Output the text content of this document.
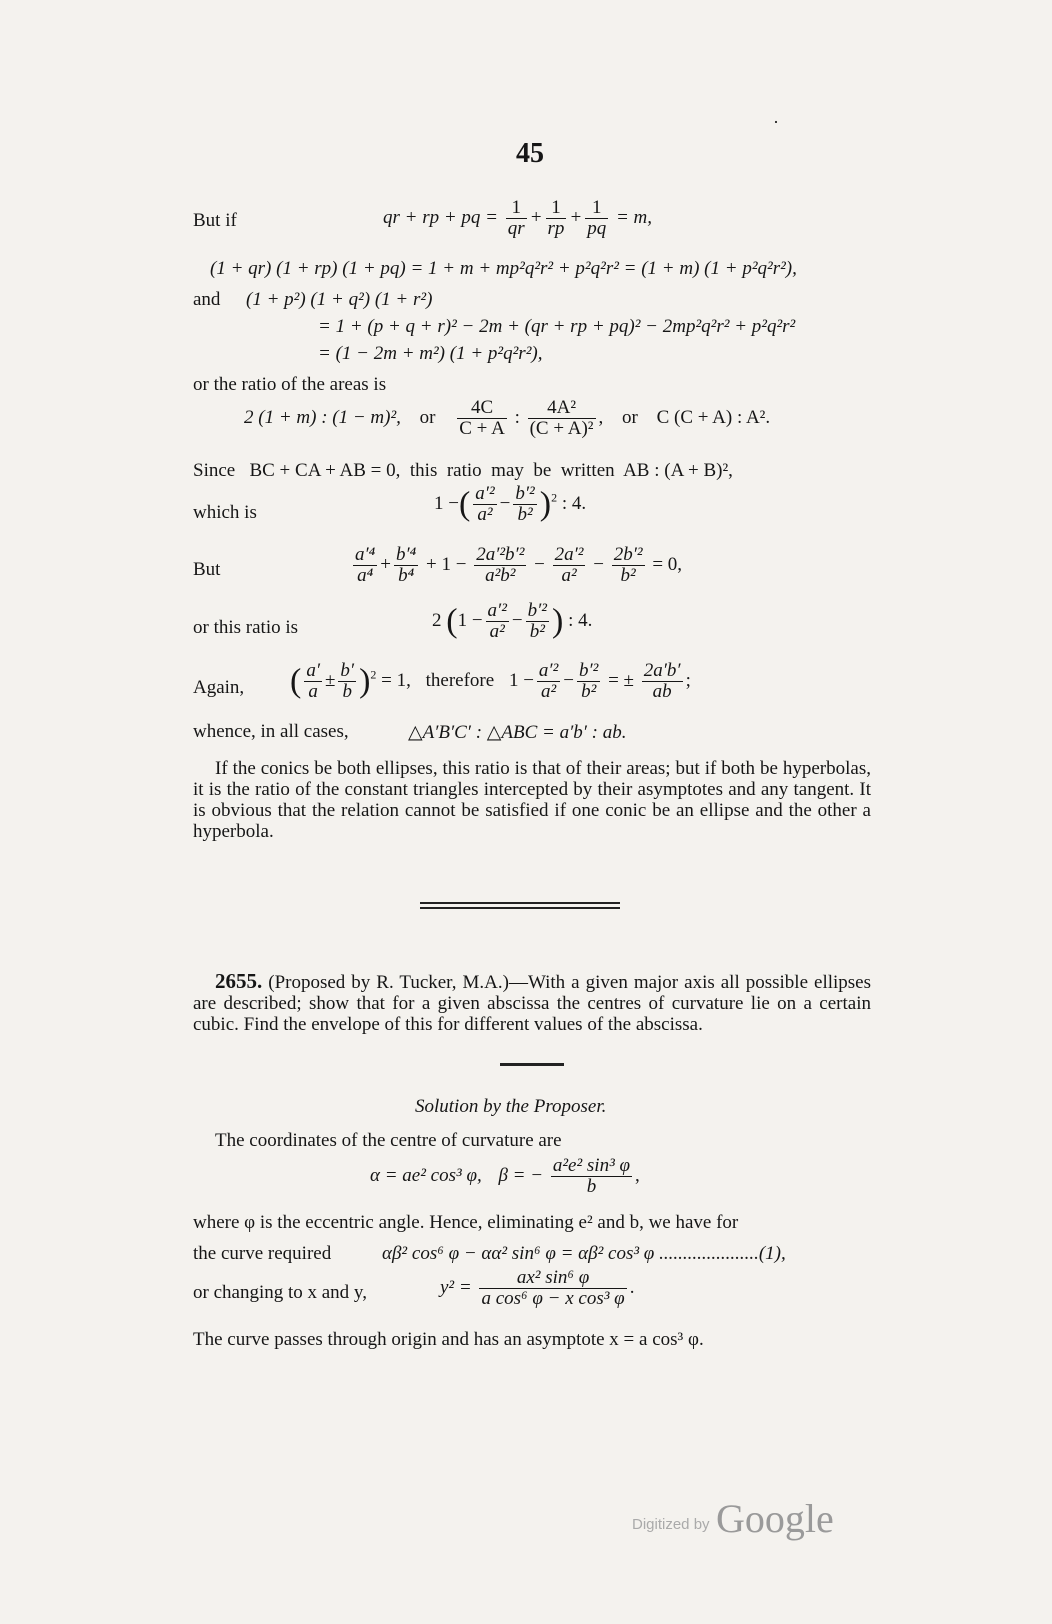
45
·
But if	qr + rp + pq = $\frac{1}{qr} + \frac{1}{rp} + \frac{1}{pq} = m$,
(1 + qr) (1 + rp) (1 + pq) = 1 + m + mp²q²r² + p²q²r² = (1 + m) (1 + p²q²r²),
and (1 + p²) (1 + q²) (1 + r²)
= 1 + (p + q + r)² − 2m + (qr + rp + pq)² − 2mp²q²r² + p²q²r²
= (1 − 2m + m²) (1 + p²q²r²),
or the ratio of the areas is
2 (1 + m) : (1 − m)², or $\frac{4C}{C + A}$ : $\frac{\text{4A²}}{\text{(C + A)²}}$ , or C (C + A) : A².
Since   BC + CA + AB = 0,  this  ratio  may  be  written  AB : (A + B)²,
which is	1 −( $\frac{\text{a′²}}{\text{a²}} - \frac{\text{b′²}}{\text{b²}} )^2$ : 4.
But	$\frac{\text{a′⁴}}{\text{a⁴}} + \frac{\text{b′⁴}}{\text{b⁴}} + 1 - \frac{\text{2a′²b′²}}{\text{a²b²}} - \frac{\text{2a′²}}{\text{a²}} - \frac{\text{2b′²}}{\text{b²}} = 0$,
or this ratio is	2 ($1 - \frac{\text{a′²}}{\text{a²}} - \frac{\text{b′²}}{\text{b²}}$ ) : 4.
Again, ( $\frac{a'}{a} \pm \frac{b'}{b} )^2 = 1$, therefore $1 - \frac{\text{a′²}}{\text{a²}} - \frac{\text{b′²}}{\text{b²}}$ = ± $\frac{2a'b'}{ab}$ ;
whence, in all cases,	△A′B′C′ : △ABC = a′b′ : ab.
If the conics be both ellipses, this ratio is that of their areas; but if both be hyperbolas, it is the ratio of the constant triangles intercepted by their asymptotes and any tangent. It is obvious that the relation cannot be satisfied if one conic be an ellipse and the other a hyperbola.
2655. (Proposed by R. Tucker, M.A.)—With a given major axis all possible ellipses are described; show that for a given abscissa the centres of curvature lie on a certain cubic. Find the envelope of this for different values of the abscissa.
Solution by the Proposer.
The coordinates of the centre of curvature are
α = ae² cos³ φ, β = − $\frac{\text{a²e² sin³ φ}}{b}$ ,
where φ is the eccentric angle. Hence, eliminating e² and b, we have for
the curve required	αβ² cos⁶ φ − αα² sin⁶ φ = αβ² cos³ φ .....................(1),
or changing to x and y,	$y^2 = \frac{\text{ax² sin⁶ φ}}{\text{a cos⁶ φ − x cos³ φ}}$ .
The curve passes through origin and has an asymptote x = a cos³ φ.
Digitized by Google
